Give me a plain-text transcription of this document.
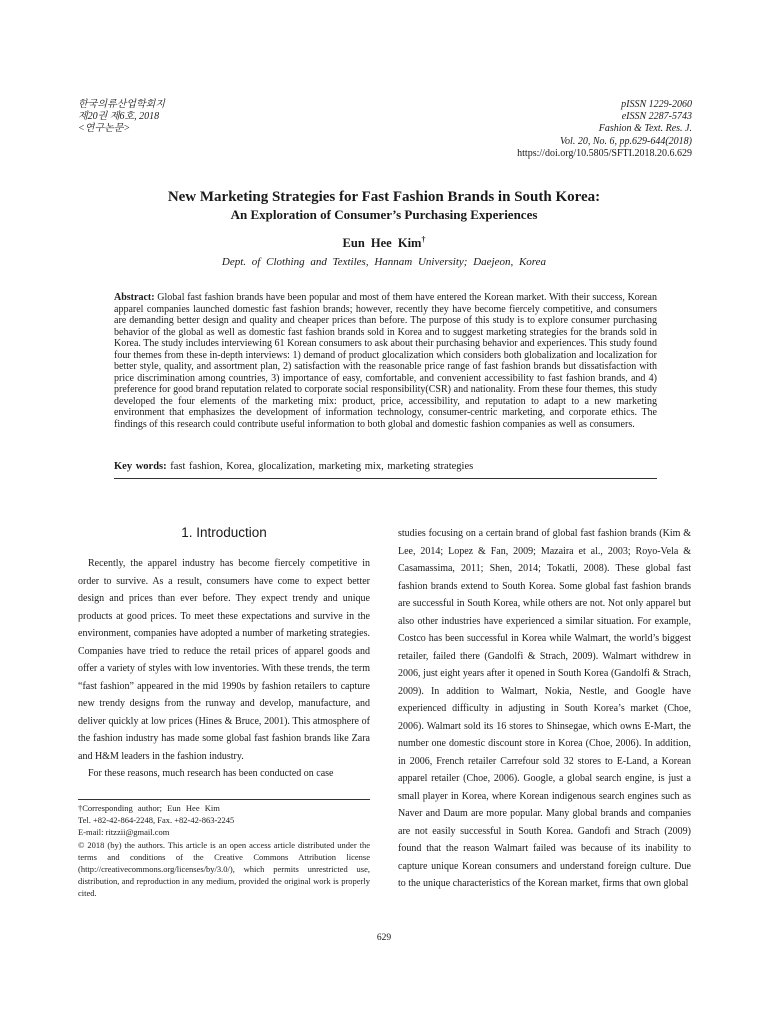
한국의류산업학회지
제20권 제6호, 2018
<연구논문>
pISSN 1229-2060
eISSN 2287-5743
Fashion & Text. Res. J.
Vol. 20, No. 6, pp.629-644(2018)
https://doi.org/10.5805/SFTI.2018.20.6.629
New Marketing Strategies for Fast Fashion Brands in South Korea:
An Exploration of Consumer’s Purchasing Experiences
Eun Hee Kim†
Dept. of Clothing and Textiles, Hannam University; Daejeon, Korea
Abstract: Global fast fashion brands have been popular and most of them have entered the Korean market. With their success, Korean apparel companies launched domestic fast fashion brands; however, recently they have become fiercely competitive, and consumers are demanding better design and quality and cheaper prices than before. The purpose of this study is to explore consumer purchasing behavior of the global as well as domestic fast fashion brands sold in Korea and to suggest marketing strategies for the brands sold in Korea. The study includes interviewing 61 Korean consumers to ask about their purchasing behavior and experiences. This study found four themes from these in-depth interviews: 1) demand of product glocalization which considers both globalization and localization for better style, quality, and assortment plan, 2) satisfaction with the reasonable price range of fast fashion brands but dissatisfaction with price discrimination among countries, 3) importance of easy, comfortable, and convenient accessibility to fast fashion brands, and 4) preference for good brand reputation related to corporate social responsibility(CSR) and nationality. From these four themes, this study developed the four elements of the marketing mix: product, price, accessibility, and reputation to adapt to a new marketing environment that emphasizes the development of information technology, consumer-centric marketing, and corporate ethics. The findings of this research could contribute useful information to both global and domestic fashion companies as well as consumers.
Key words: fast fashion, Korea, glocalization, marketing mix, marketing strategies
1. Introduction

Recently, the apparel industry has become fiercely competitive in order to survive. As a result, consumers have come to expect better design and prices than ever before. They expect trendy and unique products at good prices. To meet these expectations and survive in the environment, companies have adopted a number of marketing strategies. Companies have tried to reduce the retail prices of apparel goods and offer a variety of styles with low inventories. With these trends, the term “fast fashion” appeared in the mid 1990s by fashion retailers to capture new trendy designs from the runway and develop, manufacture, and deliver quickly at low prices (Hines & Bruce, 2001). This atmosphere of the fashion industry has made some global fast fashion brands like Zara and H&M leaders in the fashion industry.

For these reasons, much research has been conducted on case

studies focusing on a certain brand of global fast fashion brands (Kim & Lee, 2014; Lopez & Fan, 2009; Mazaira et al., 2003; Royo-Vela & Casamassima, 2011; Shen, 2014; Tokatli, 2008). These global fast fashion brands extend to South Korea. Some global fast fashion brands are successful in South Korea, while others are not. Not only apparel but also other industries have experienced a similar situation. For example, Costco has been successful in Korea while Walmart, the world’s biggest retailer, failed there (Gandolfi & Strach, 2009). Walmart withdrew in 2006, just eight years after it opened in South Korea (Gandolfi & Strach, 2009). In addition to Walmart, Nokia, Nestle, and Google have experienced difficulty in adjusting in South Korea’s market (Choe, 2006). Walmart sold its 16 stores to Shinsegae, which owns E-Mart, the number one domestic discount store in Korea (Choe, 2006). In addition, in 2006, French retailer Carrefour sold 32 stores to E-Land, a Korean apparel retailer (Choe, 2006). Google, a global search engine, is just a small player in Korea, where Korean indigenous search engines such as Naver and Daum are more popular. Many global brands and companies are not easily successful in South Korea. Gandofi and Strach (2009) found that the reason Walmart failed was because of its inability to capture unique Korean consumers and understand foreign culture. Due to the unique characteristics of the Korean market, firms that own global

†Corresponding author; Eun Hee Kim
Tel. +82-42-864-2248, Fax. +82-42-863-2245
E-mail: ritzzii@gmail.com
© 2018 (by) the authors. This article is an open access article distributed under the terms and conditions of the Creative Commons Attribution license (http://creativecommons.org/licenses/by/3.0/), which permits unrestricted use, distribution, and reproduction in any medium, provided the original work is properly cited.
629
